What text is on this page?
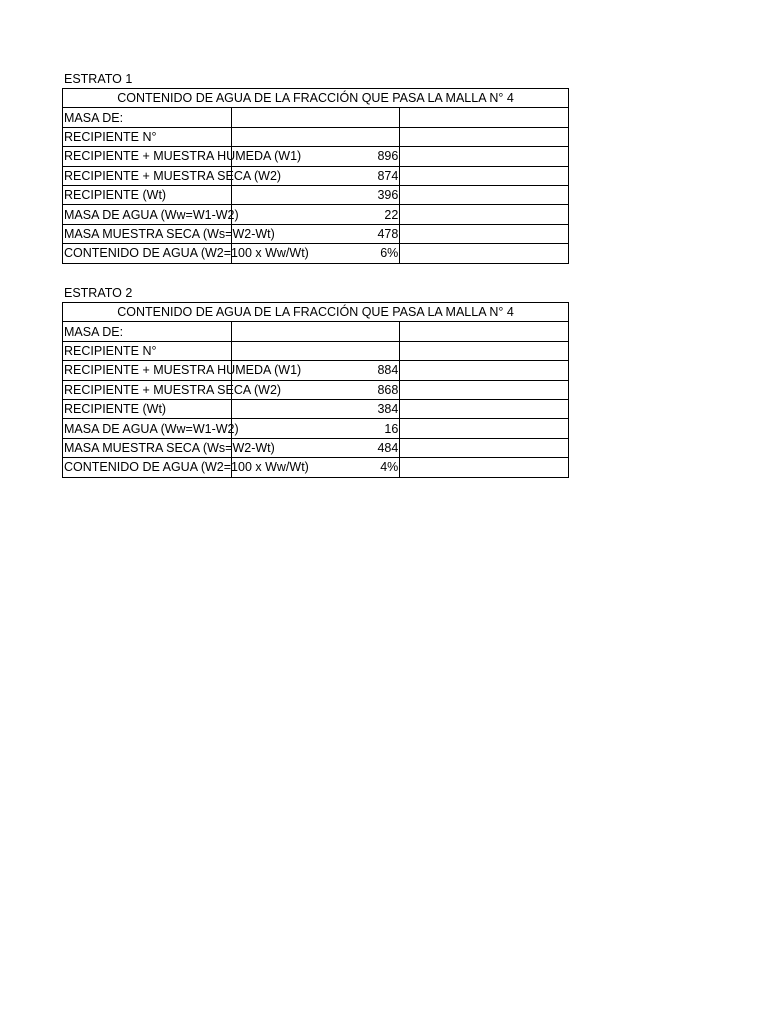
ESTRATO 1
CONTENIDO DE AGUA DE LA FRACCIÓN QUE PASA LA MALLA N° 4		
MASA DE:		
RECIPIENTE N°		
RECIPIENTE + MUESTRA HUMEDA (W1)	896	
RECIPIENTE + MUESTRA SECA (W2)	874	
RECIPIENTE (Wt)	396	
MASA DE AGUA (Ww=W1-W2)	22	
MASA MUESTRA SECA (Ws=W2-Wt)	478	
CONTENIDO DE AGUA (W2=100 x Ww/Wt)	6%	
ESTRATO 2
CONTENIDO DE AGUA DE LA FRACCIÓN QUE PASA LA MALLA N° 4		
MASA DE:		
RECIPIENTE N°		
RECIPIENTE + MUESTRA HUMEDA (W1)	884	
RECIPIENTE + MUESTRA SECA (W2)	868	
RECIPIENTE (Wt)	384	
MASA DE AGUA (Ww=W1-W2)	16	
MASA MUESTRA SECA (Ws=W2-Wt)	484	
CONTENIDO DE AGUA (W2=100 x Ww/Wt)	4%	
